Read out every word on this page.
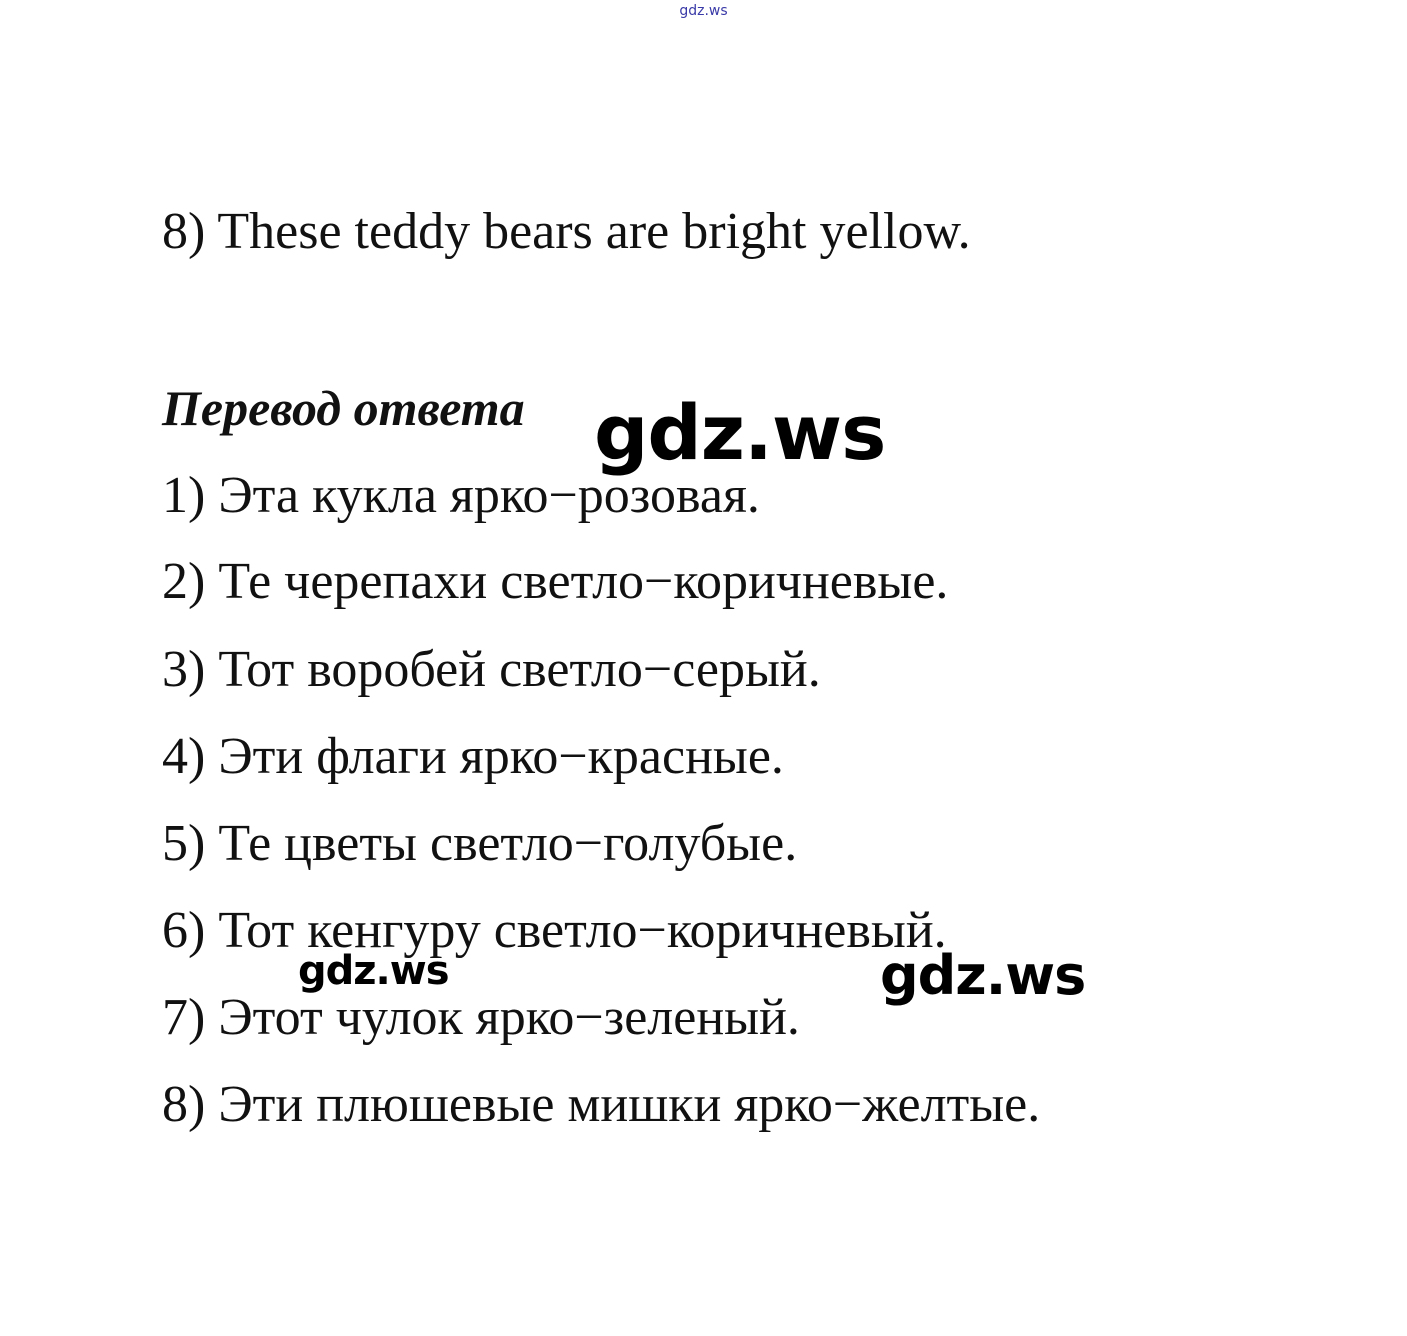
gdz.ws
8) These teddy bears are bright yellow.
Перевод ответа
1) Эта кукла ярко−розовая.
2) Те черепахи светло−коричневые.
3) Тот воробей светло−серый.
4) Эти флаги ярко−красные.
5) Те цветы светло−голубые.
6) Тот кенгуру светло−коричневый.
7) Этот чулок ярко−зеленый.
8) Эти плюшевые мишки ярко−желтые.
gdz.ws
gdz.ws	gdz.ws
